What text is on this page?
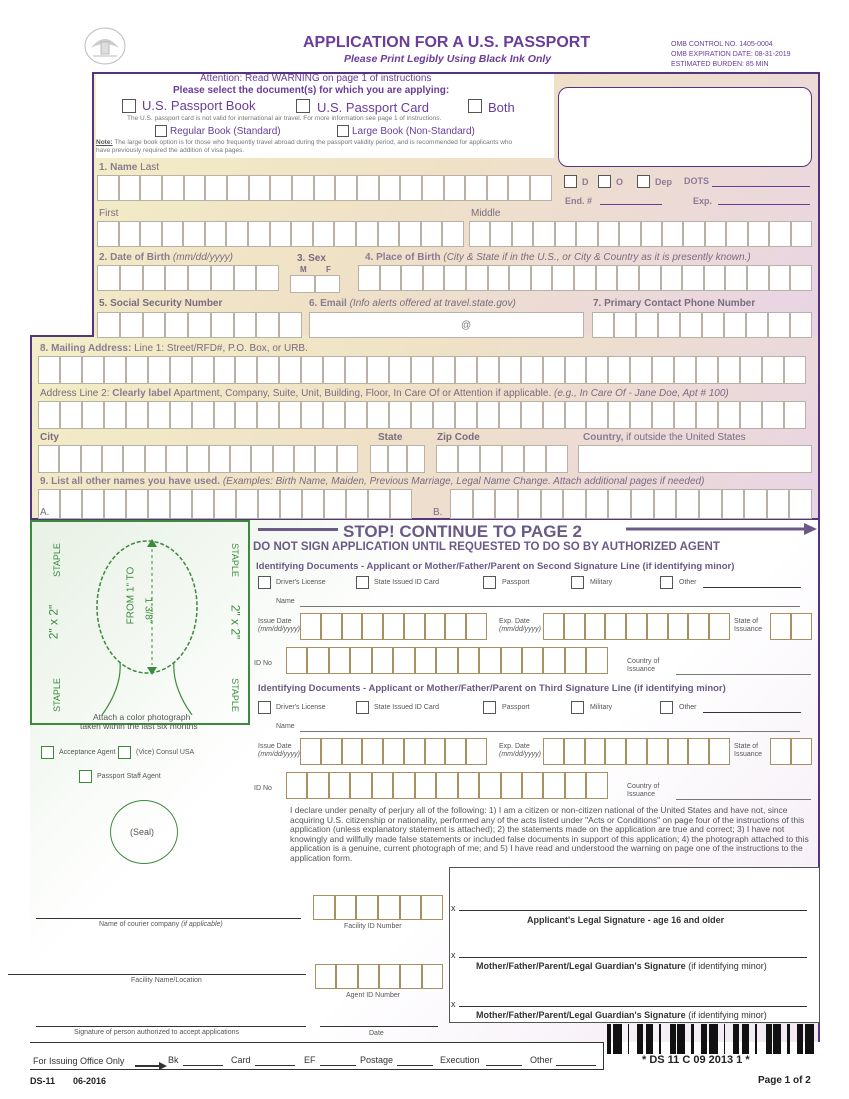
APPLICATION FOR A U.S. PASSPORT
Please Print Legibly Using Black Ink Only
OMB CONTROL NO. 1405-0004
OMB EXPIRATION DATE: 08-31-2019
ESTIMATED BURDEN: 85 MIN
Attention: Read WARNING on page 1 of instructions
Please select the document(s) for which you are applying:
U.S. Passport Book	U.S. Passport Card	Both
The U.S. passport card is not valid for international air travel. For more information see page 1 of instructions.
Regular Book (Standard)	Large Book (Non-Standard)
Note: The large book option is for those who frequently travel abroad during the passport validity period, and is recommended for applicants who have previously required the addition of visa pages.
D	O	Dep DOTS
End. #	Exp.
1. Name Last
First	Middle
2. Date of Birth (mm/dd/yyyy)	3. Sex
M F
4. Place of Birth (City & State if in the U.S., or City & Country as it is presently known.)
5. Social Security Number	6. Email (Info alerts offered at travel.state.gov)
@
7. Primary Contact Phone Number
8. Mailing Address: Line 1: Street/RFD#, P.O. Box, or URB.
Address Line 2: Clearly label Apartment, Company, Suite, Unit, Building, Floor, In Care Of or Attention if applicable. (e.g., In Care Of - Jane Doe, Apt # 100)
City	State	Zip Code	Country, if outside the United States
9. List all other names you have used. (Examples: Birth Name, Maiden, Previous Marriage, Legal Name Change. Attach additional pages if needed)
A.	B.
STAPLE	STAPLE
STAPLE	STAPLE
2" x 2"	2" x 2"
FROM 1" TO 1 3/8"
Attach a color photograph
taken within the last six months
Acceptance Agent	(Vice) Consul USA
Passport Staff Agent
(Seal)
STOP! CONTINUE TO PAGE 2
DO NOT SIGN APPLICATION UNTIL REQUESTED TO DO SO BY AUTHORIZED AGENT
Identifying Documents - Applicant or Mother/Father/Parent on Second Signature Line (if identifying minor)
Driver's License	State Issued ID Card	Passport	Military	Other
Name
Issue Date
(mm/dd/yyyy)
Exp. Date
(mm/dd/yyyy)
State of
Issuance
ID No	Country of
Issuance
Identifying Documents - Applicant or Mother/Father/Parent on Third Signature Line (if identifying minor)
Driver's License	State Issued ID Card	Passport	Military	Other
Name
Issue Date
(mm/dd/yyyy)
Exp. Date
(mm/dd/yyyy)
State of
Issuance
ID No	Country of
Issuance
I declare under penalty of perjury all of the following: 1) I am a citizen or non-citizen national of the United States and have not, since acquiring U.S. citizenship or nationality, performed any of the acts listed under "Acts or Conditions" on page four of the instructions of this application (unless explanatory statement is attached); 2) the statements made on the application are true and correct; 3) I have not knowingly and willfully made false statements or included false documents in support of this application; 4) the photograph attached to this application is a genuine, current photograph of me; and 5) I have read and understood the warning on page one of the instructions to the application form.
x
Applicant's Legal Signature - age 16 and older
x
Mother/Father/Parent/Legal Guardian's Signature (if identifying minor)
x
Mother/Father/Parent/Legal Guardian's Signature (if identifying minor)
Name of courier company (if applicable)	Facility ID Number
Facility Name/Location
Agent ID Number
Signature of person authorized to accept applications	Date
For Issuing Office Only	Bk	Card	EF	Postage	Execution	Other	* DS 11 C 09 2013 1 *
DS-11 06-2016	Page 1 of 2
